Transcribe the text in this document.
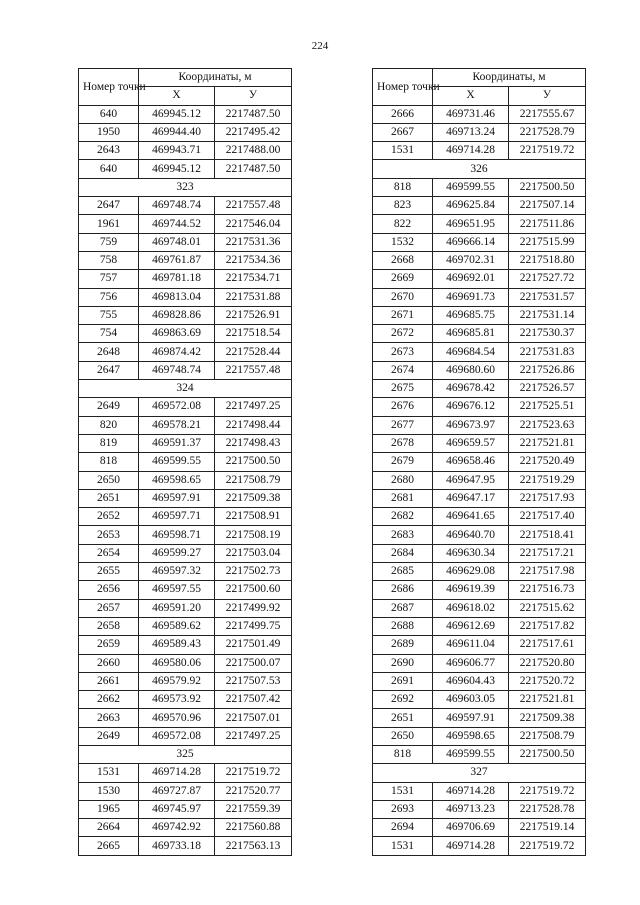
224
Номер точки	Координаты, м	
	X	У
640	469945.12	2217487.50
1950	469944.40	2217495.42
2643	469943.71	2217488.00
640	469945.12	2217487.50
323		
2647	469748.74	2217557.48
1961	469744.52	2217546.04
759	469748.01	2217531.36
758	469761.87	2217534.36
757	469781.18	2217534.71
756	469813.04	2217531.88
755	469828.86	2217526.91
754	469863.69	2217518.54
2648	469874.42	2217528.44
2647	469748.74	2217557.48
324		
2649	469572.08	2217497.25
820	469578.21	2217498.44
819	469591.37	2217498.43
818	469599.55	2217500.50
2650	469598.65	2217508.79
2651	469597.91	2217509.38
2652	469597.71	2217508.91
2653	469598.71	2217508.19
2654	469599.27	2217503.04
2655	469597.32	2217502.73
2656	469597.55	2217500.60
2657	469591.20	2217499.92
2658	469589.62	2217499.75
2659	469589.43	2217501.49
2660	469580.06	2217500.07
2661	469579.92	2217507.53
2662	469573.92	2217507.42
2663	469570.96	2217507.01
2649	469572.08	2217497.25
325		
1531	469714.28	2217519.72
1530	469727.87	2217520.77
1965	469745.97	2217559.39
2664	469742.92	2217560.88
2665	469733.18	2217563.13
Номер точки	Координаты, м	
	X	У
2666	469731.46	2217555.67
2667	469713.24	2217528.79
1531	469714.28	2217519.72
326		
818	469599.55	2217500.50
823	469625.84	2217507.14
822	469651.95	2217511.86
1532	469666.14	2217515.99
2668	469702.31	2217518.80
2669	469692.01	2217527.72
2670	469691.73	2217531.57
2671	469685.75	2217531.14
2672	469685.81	2217530.37
2673	469684.54	2217531.83
2674	469680.60	2217526.86
2675	469678.42	2217526.57
2676	469676.12	2217525.51
2677	469673.97	2217523.63
2678	469659.57	2217521.81
2679	469658.46	2217520.49
2680	469647.95	2217519.29
2681	469647.17	2217517.93
2682	469641.65	2217517.40
2683	469640.70	2217518.41
2684	469630.34	2217517.21
2685	469629.08	2217517.98
2686	469619.39	2217516.73
2687	469618.02	2217515.62
2688	469612.69	2217517.82
2689	469611.04	2217517.61
2690	469606.77	2217520.80
2691	469604.43	2217520.72
2692	469603.05	2217521.81
2651	469597.91	2217509.38
2650	469598.65	2217508.79
818	469599.55	2217500.50
327		
1531	469714.28	2217519.72
2693	469713.23	2217528.78
2694	469706.69	2217519.14
1531	469714.28	2217519.72
